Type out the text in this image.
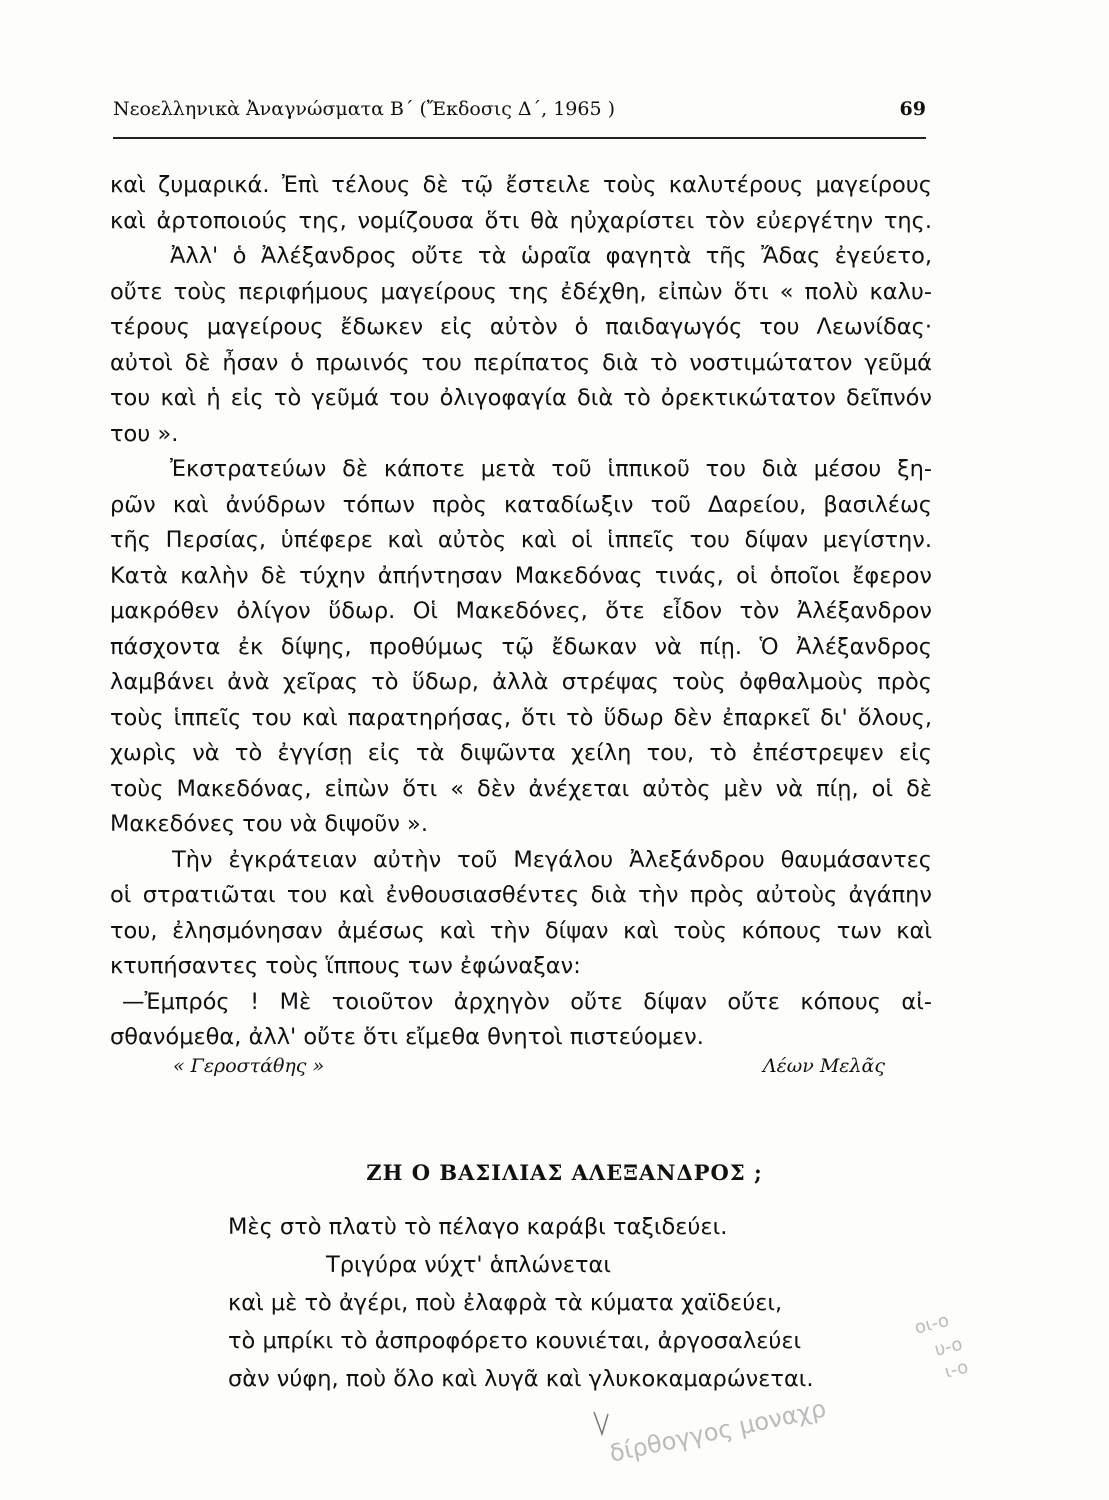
Νεοελληνικὰ Ἀναγνώσματα Β΄ (Ἔκδοσις Δ΄, 1965 )	69
καὶ ζυμαρικά. Ἐπὶ τέλους δὲ τῷ ἔστειλε τοὺς καλυτέρους μαγείρους
καὶ ἀρτοποιούς της, νομίζουσα ὅτι θὰ ηὐχαρίστει τὸν εὐεργέτην της.
Ἀλλ' ὁ Ἀλέξανδρος οὔτε τὰ ὡραῖα φαγητὰ τῆς Ἄδας ἐγεύετο,
οὔτε τοὺς περιφήμους μαγείρους της ἐδέχθη, εἰπὼν ὅτι « πολὺ καλυ-
τέρους μαγείρους ἔδωκεν εἰς αὐτὸν ὁ παιδαγωγός του Λεωνίδας·
αὐτοὶ δὲ ἦσαν ὁ πρωινός του περίπατος διὰ τὸ νοστιμώτατον γεῦμά
του καὶ ἡ εἰς τὸ γεῦμά του ὀλιγοφαγία διὰ τὸ ὀρεκτικώτατον δεῖπνόν
του ».
Ἐκστρατεύων δὲ κάποτε μετὰ τοῦ ἱππικοῦ του διὰ μέσου ξη-
ρῶν καὶ ἀνύδρων τόπων πρὸς καταδίωξιν τοῦ Δαρείου, βασιλέως
τῆς Περσίας, ὑπέφερε καὶ αὐτὸς καὶ οἱ ἱππεῖς του δίψαν μεγίστην.
Κατὰ καλὴν δὲ τύχην ἀπήντησαν Μακεδόνας τινάς, οἱ ὁποῖοι ἔφερον
μακρόθεν ὀλίγον ὕδωρ. Οἱ Μακεδόνες, ὅτε εἶδον τὸν Ἀλέξανδρον
πάσχοντα ἐκ δίψης, προθύμως τῷ ἔδωκαν νὰ πίῃ. Ὁ Ἀλέξανδρος
λαμβάνει ἀνὰ χεῖρας τὸ ὕδωρ, ἀλλὰ στρέψας τοὺς ὀφθαλμοὺς πρὸς
τοὺς ἱππεῖς του καὶ παρατηρήσας, ὅτι τὸ ὕδωρ δὲν ἐπαρκεῖ δι' ὅλους,
χωρὶς νὰ τὸ ἐγγίσῃ εἰς τὰ διψῶντα χείλη του, τὸ ἐπέστρεψεν εἰς
τοὺς Μακεδόνας, εἰπὼν ὅτι « δὲν ἀνέχεται αὐτὸς μὲν νὰ πίῃ, οἱ δὲ
Μακεδόνες του νὰ διψοῦν ».
Τὴν ἐγκράτειαν αὐτὴν τοῦ Μεγάλου Ἀλεξάνδρου θαυμάσαντες
οἱ στρατιῶται του καὶ ἐνθουσιασθέντες διὰ τὴν πρὸς αὐτοὺς ἀγάπην
του, ἐλησμόνησαν ἀμέσως καὶ τὴν δίψαν καὶ τοὺς κόπους των καὶ
κτυπήσαντες τοὺς ἵππους των ἐφώναξαν:
—Ἐμπρός ! Μὲ τοιοῦτον ἀρχηγὸν οὔτε δίψαν οὔτε κόπους αἰ-
σθανόμεθα, ἀλλ' οὔτε ὅτι εἴμεθα θνητοὶ πιστεύομεν.
« Γεροστάθης »	Λέων Μελᾶς
ΖΗ Ο ΒΑΣΙΛΙΑΣ ΑΛΕΞΑΝΔΡΟΣ ;
Μὲς στὸ πλατὺ τὸ πέλαγο καράβι ταξιδεύει.
Τριγύρα νύχτ' ἁπλώνεται
καὶ μὲ τὸ ἀγέρι, ποὺ ἐλαφρὰ τὰ κύματα χαϊδεύει,
τὸ μπρίκι τὸ ἀσπροφόρετο κουνιέται, ἀργοσαλεύει
σὰν νύφη, ποὺ ὅλο καὶ λυγᾶ καὶ γλυκοκαμαρώνεται.
δίρθογγος μοναχρ
οι-ο
υ-ο
ι-ο
